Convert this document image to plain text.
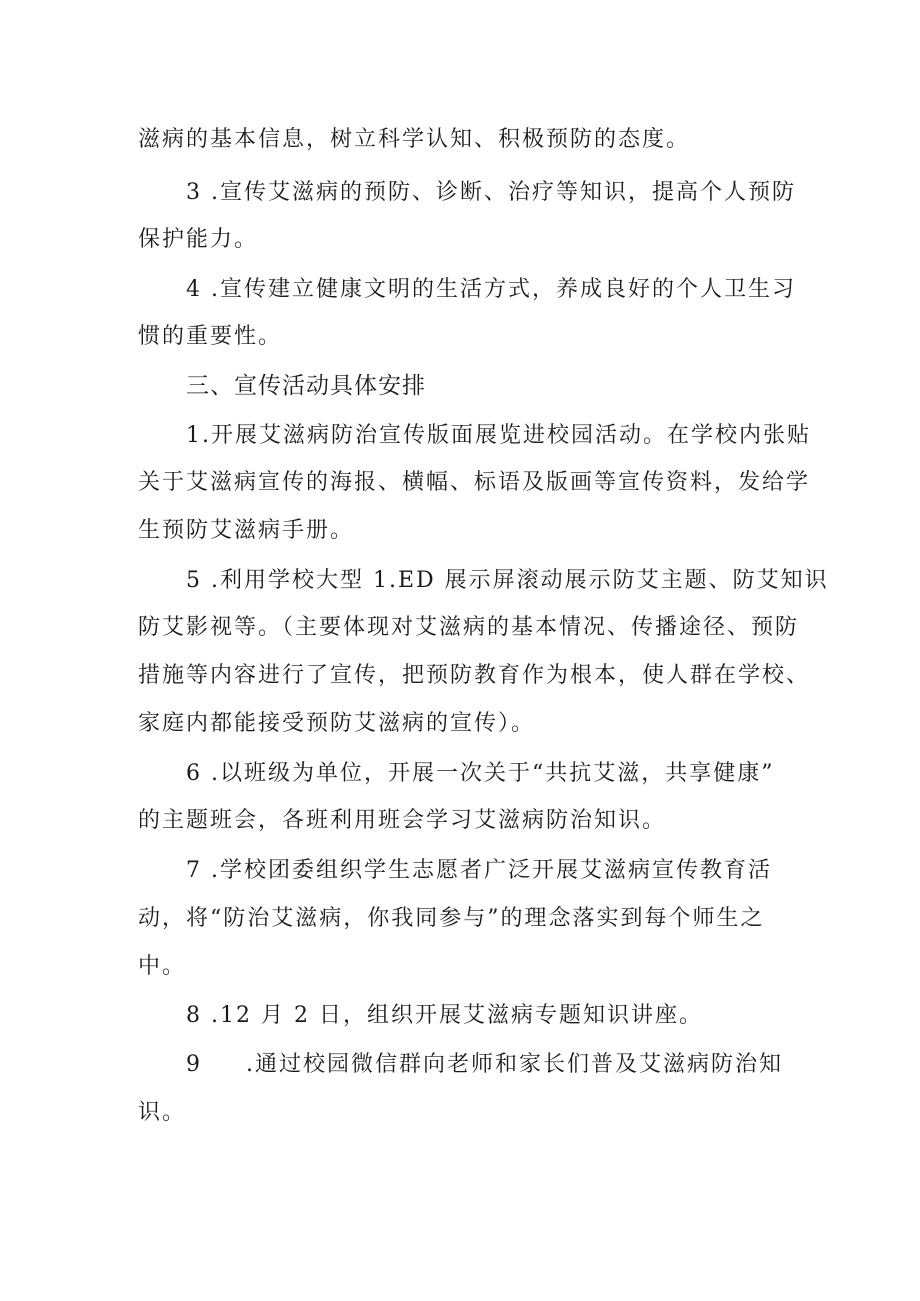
滋病的基本信息，树立科学认知、积极预防的态度。
3 .宣传艾滋病的预防、诊断、治疗等知识，提高个人预防
保护能力。
4 .宣传建立健康文明的生活方式，养成良好的个人卫生习
惯的重要性。
三、宣传活动具体安排
1.开展艾滋病防治宣传版面展览进校园活动。在学校内张贴
关于艾滋病宣传的海报、横幅、标语及版画等宣传资料，发给学
生预防艾滋病手册。
5 .利用学校大型 1.ED 展示屏滚动展示防艾主题、防艾知识
防艾影视等。（主要体现对艾滋病的基本情况、传播途径、预防
措施等内容进行了宣传，把预防教育作为根本，使人群在学校、
家庭内都能接受预防艾滋病的宣传）。
6 .以班级为单位，开展一次关于“共抗艾滋，共享健康”
的主题班会，各班利用班会学习艾滋病防治知识。
7 .学校团委组织学生志愿者广泛开展艾滋病宣传教育活
动，将“防治艾滋病，你我同参与”的理念落实到每个师生之
中。
8 .12 月 2 日，组织开展艾滋病专题知识讲座。
9 .通过校园微信群向老师和家长们普及艾滋病防治知
识。
